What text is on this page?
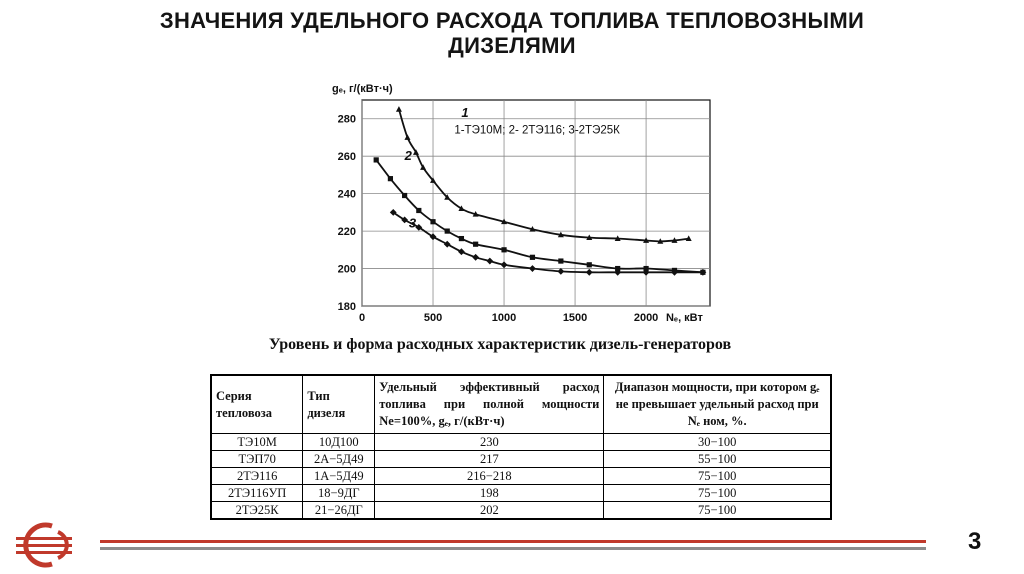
ЗНАЧЕНИЯ УДЕЛЬНОГО РАСХОДА ТОПЛИВА ТЕПЛОВОЗНЫМИ
ДИЗЕЛЯМИ
180
200
220
240
260
280
0	500	1000	1500	2000
gₑ, г/(кВт·ч)
Nₑ, кВт
1-ТЭ10М; 2- 2ТЭ116; 3-2ТЭ25К
1
2
3
Уровень и форма расходных характеристик дизель-генераторов
Серия тепловоза	Тип дизеля	Удельный эффективный расход топлива при полной мощности Ne=100%, gₑ, г/(кВт·ч)	Диапазон мощности, при котором gₑ не превышает удельный расход при Nₑ ном, %.
ТЭ10М	10Д100	230	30−100
ТЭП70	2А−5Д49	217	55−100
2ТЭ116	1А−5Д49	216−218	75−100
2ТЭ116УП	18−9ДГ	198	75−100
2ТЭ25К	21−26ДГ	202	75−100
3
